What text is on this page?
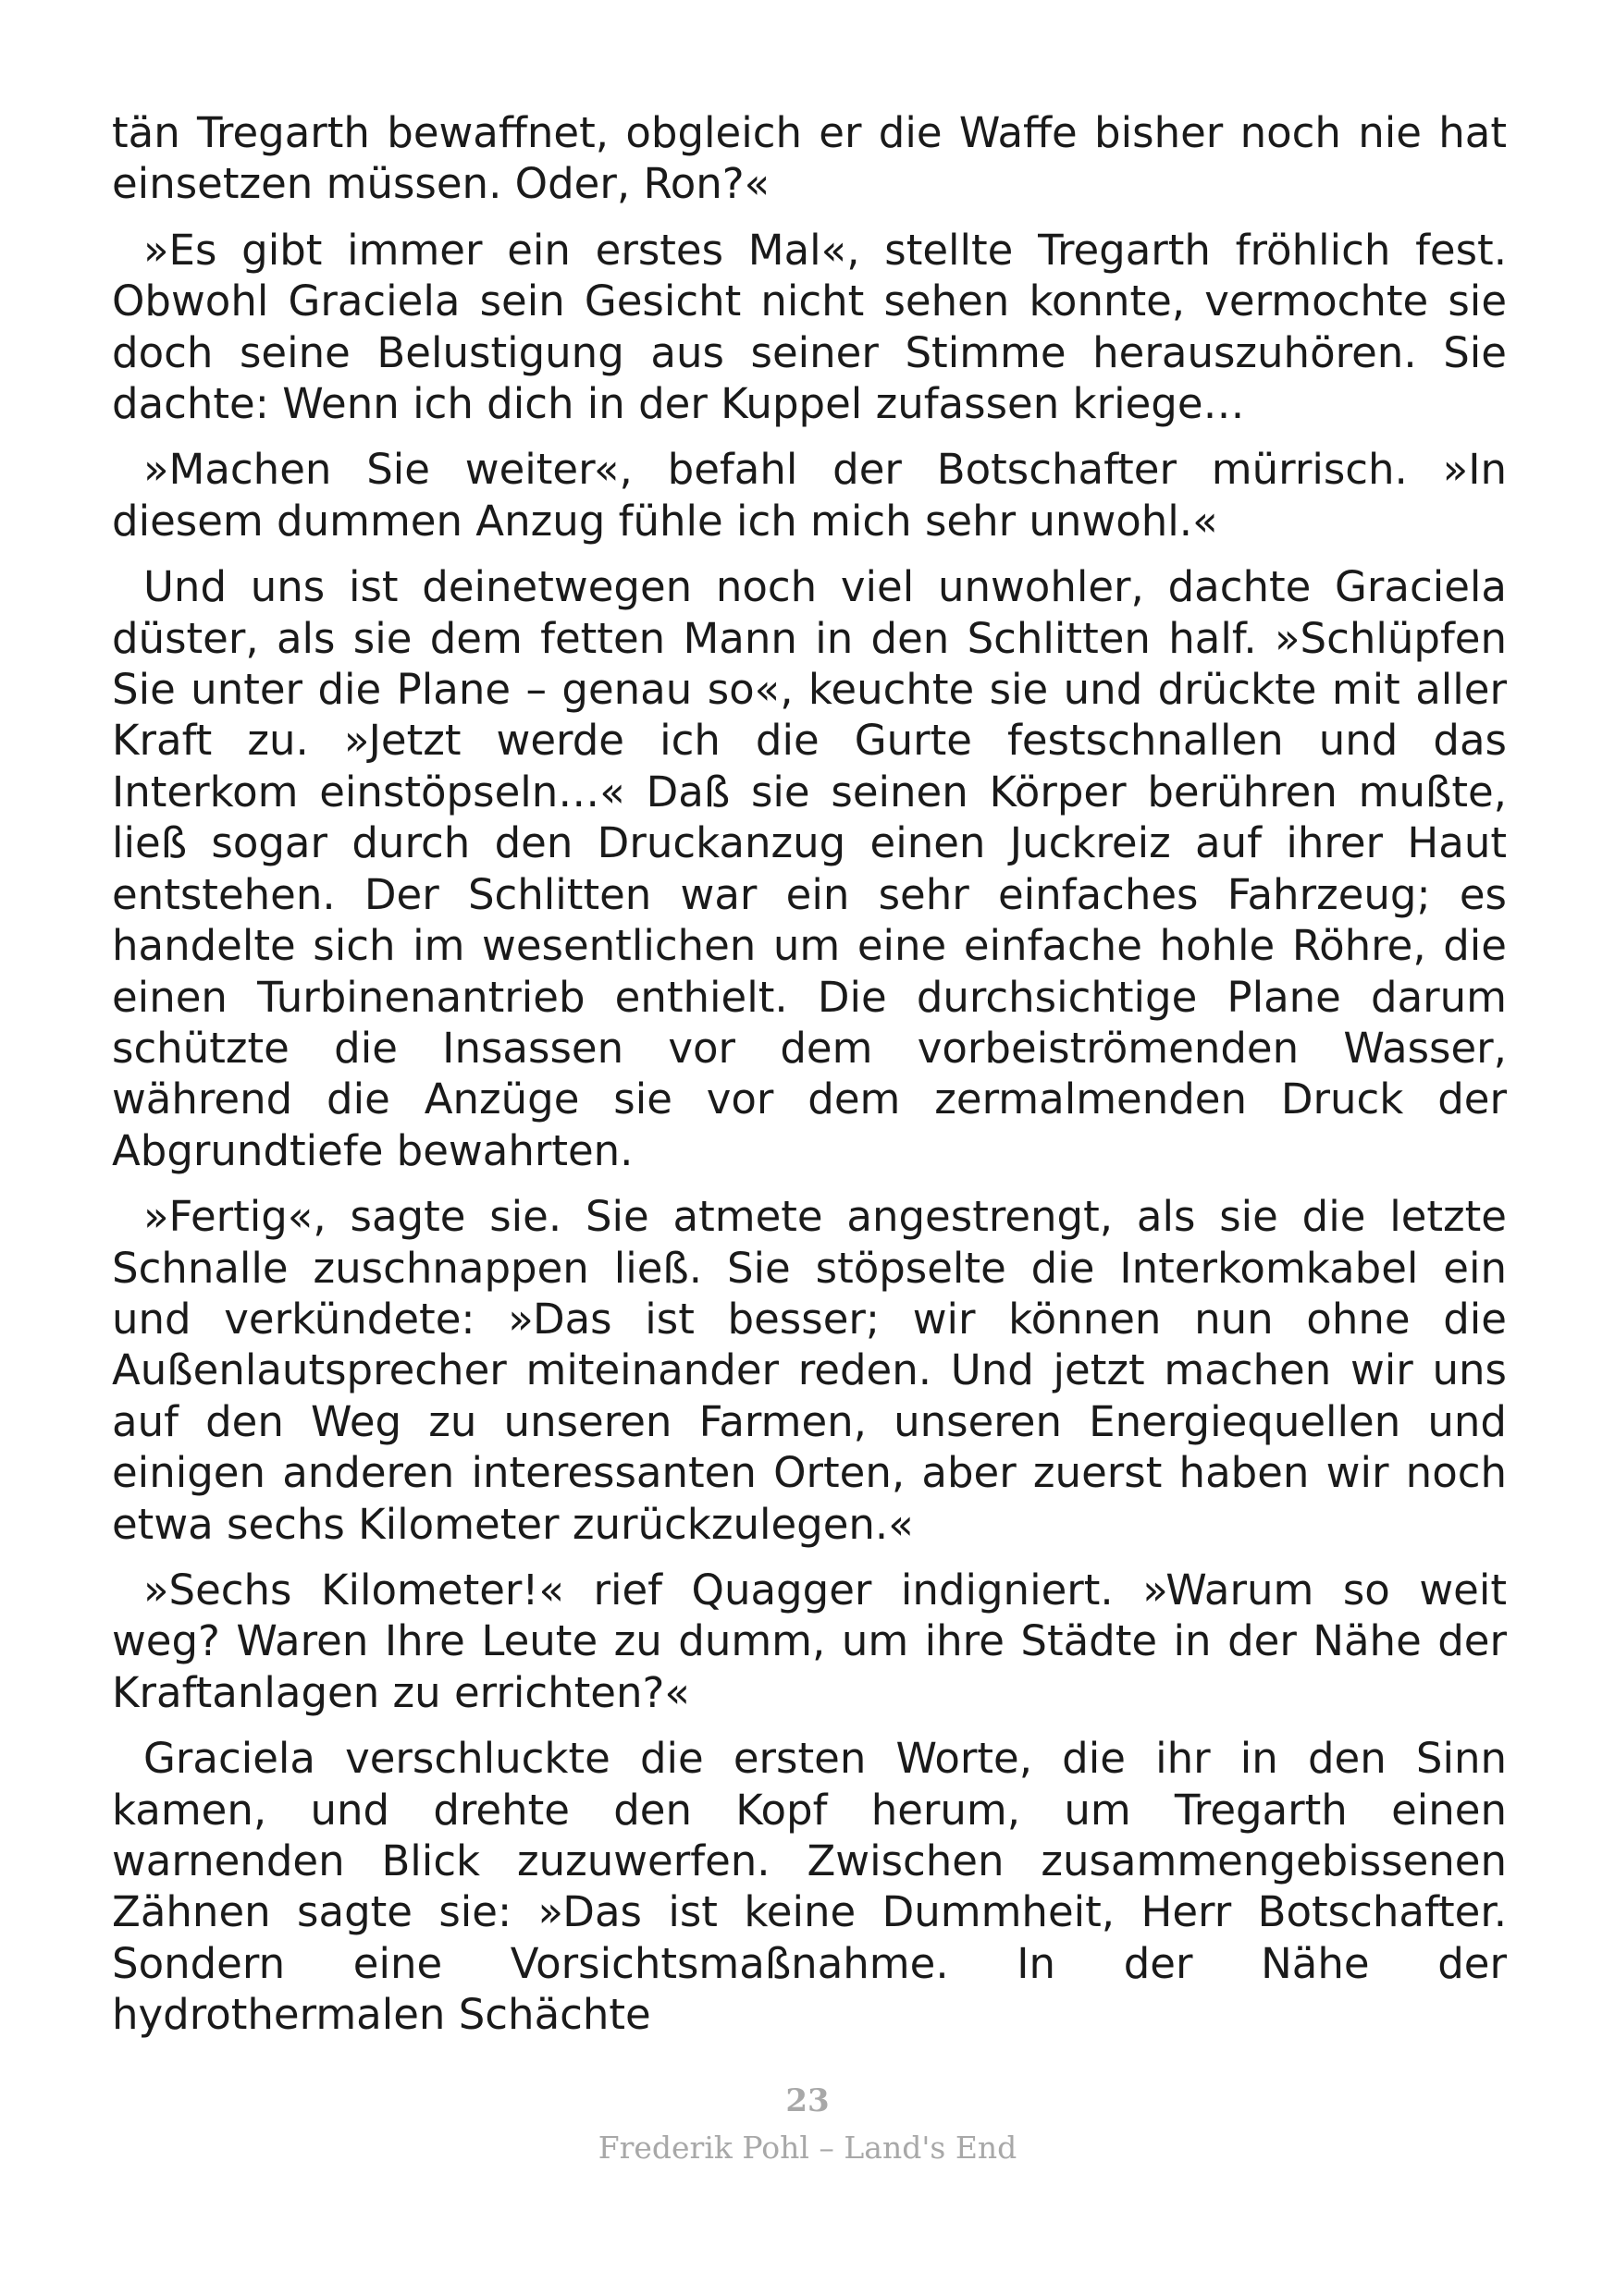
tän Tregarth bewaffnet, obgleich er die Waffe bisher noch nie hat einsetzen müssen. Oder, Ron?«

»Es gibt immer ein erstes Mal«, stellte Tregarth fröhlich fest. Obwohl Graciela sein Gesicht nicht sehen konnte, vermochte sie doch seine Belustigung aus seiner Stimme herauszuhören. Sie dachte: Wenn ich dich in der Kuppel zufassen kriege…

»Machen Sie weiter«, befahl der Botschafter mürrisch. »In diesem dummen Anzug fühle ich mich sehr unwohl.«

Und uns ist deinetwegen noch viel unwohler, dachte Graciela düster, als sie dem fetten Mann in den Schlitten half. »Schlüpfen Sie unter die Plane – genau so«, keuchte sie und drückte mit aller Kraft zu. »Jetzt werde ich die Gurte festschnallen und das Interkom einstöpseln…« Daß sie seinen Körper berühren mußte, ließ sogar durch den Druckanzug einen Juckreiz auf ihrer Haut entstehen. Der Schlitten war ein sehr einfaches Fahrzeug; es handelte sich im wesentlichen um eine einfache hohle Röhre, die einen Turbinenantrieb enthielt. Die durchsichtige Plane darum schützte die Insassen vor dem vorbeiströmenden Wasser, während die Anzüge sie vor dem zermalmenden Druck der Abgrundtiefe bewahrten.

»Fertig«, sagte sie. Sie atmete angestrengt, als sie die letzte Schnalle zuschnappen ließ. Sie stöpselte die Interkomkabel ein und verkündete: »Das ist besser; wir können nun ohne die Außenlautsprecher miteinander reden. Und jetzt machen wir uns auf den Weg zu unseren Farmen, unseren Energiequellen und einigen anderen interessanten Orten, aber zuerst haben wir noch etwa sechs Kilometer zurückzulegen.«

»Sechs Kilometer!« rief Quagger indigniert. »Warum so weit weg? Waren Ihre Leute zu dumm, um ihre Städte in der Nähe der Kraftanlagen zu errichten?«

Graciela verschluckte die ersten Worte, die ihr in den Sinn kamen, und drehte den Kopf herum, um Tregarth einen warnenden Blick zuzuwerfen. Zwischen zusammengebissenen Zähnen sagte sie: »Das ist keine Dummheit, Herr Botschafter. Sondern eine Vorsichtsmaßnahme. In der Nähe der hydrothermalen Schächte

23
Frederik Pohl – Land's End
